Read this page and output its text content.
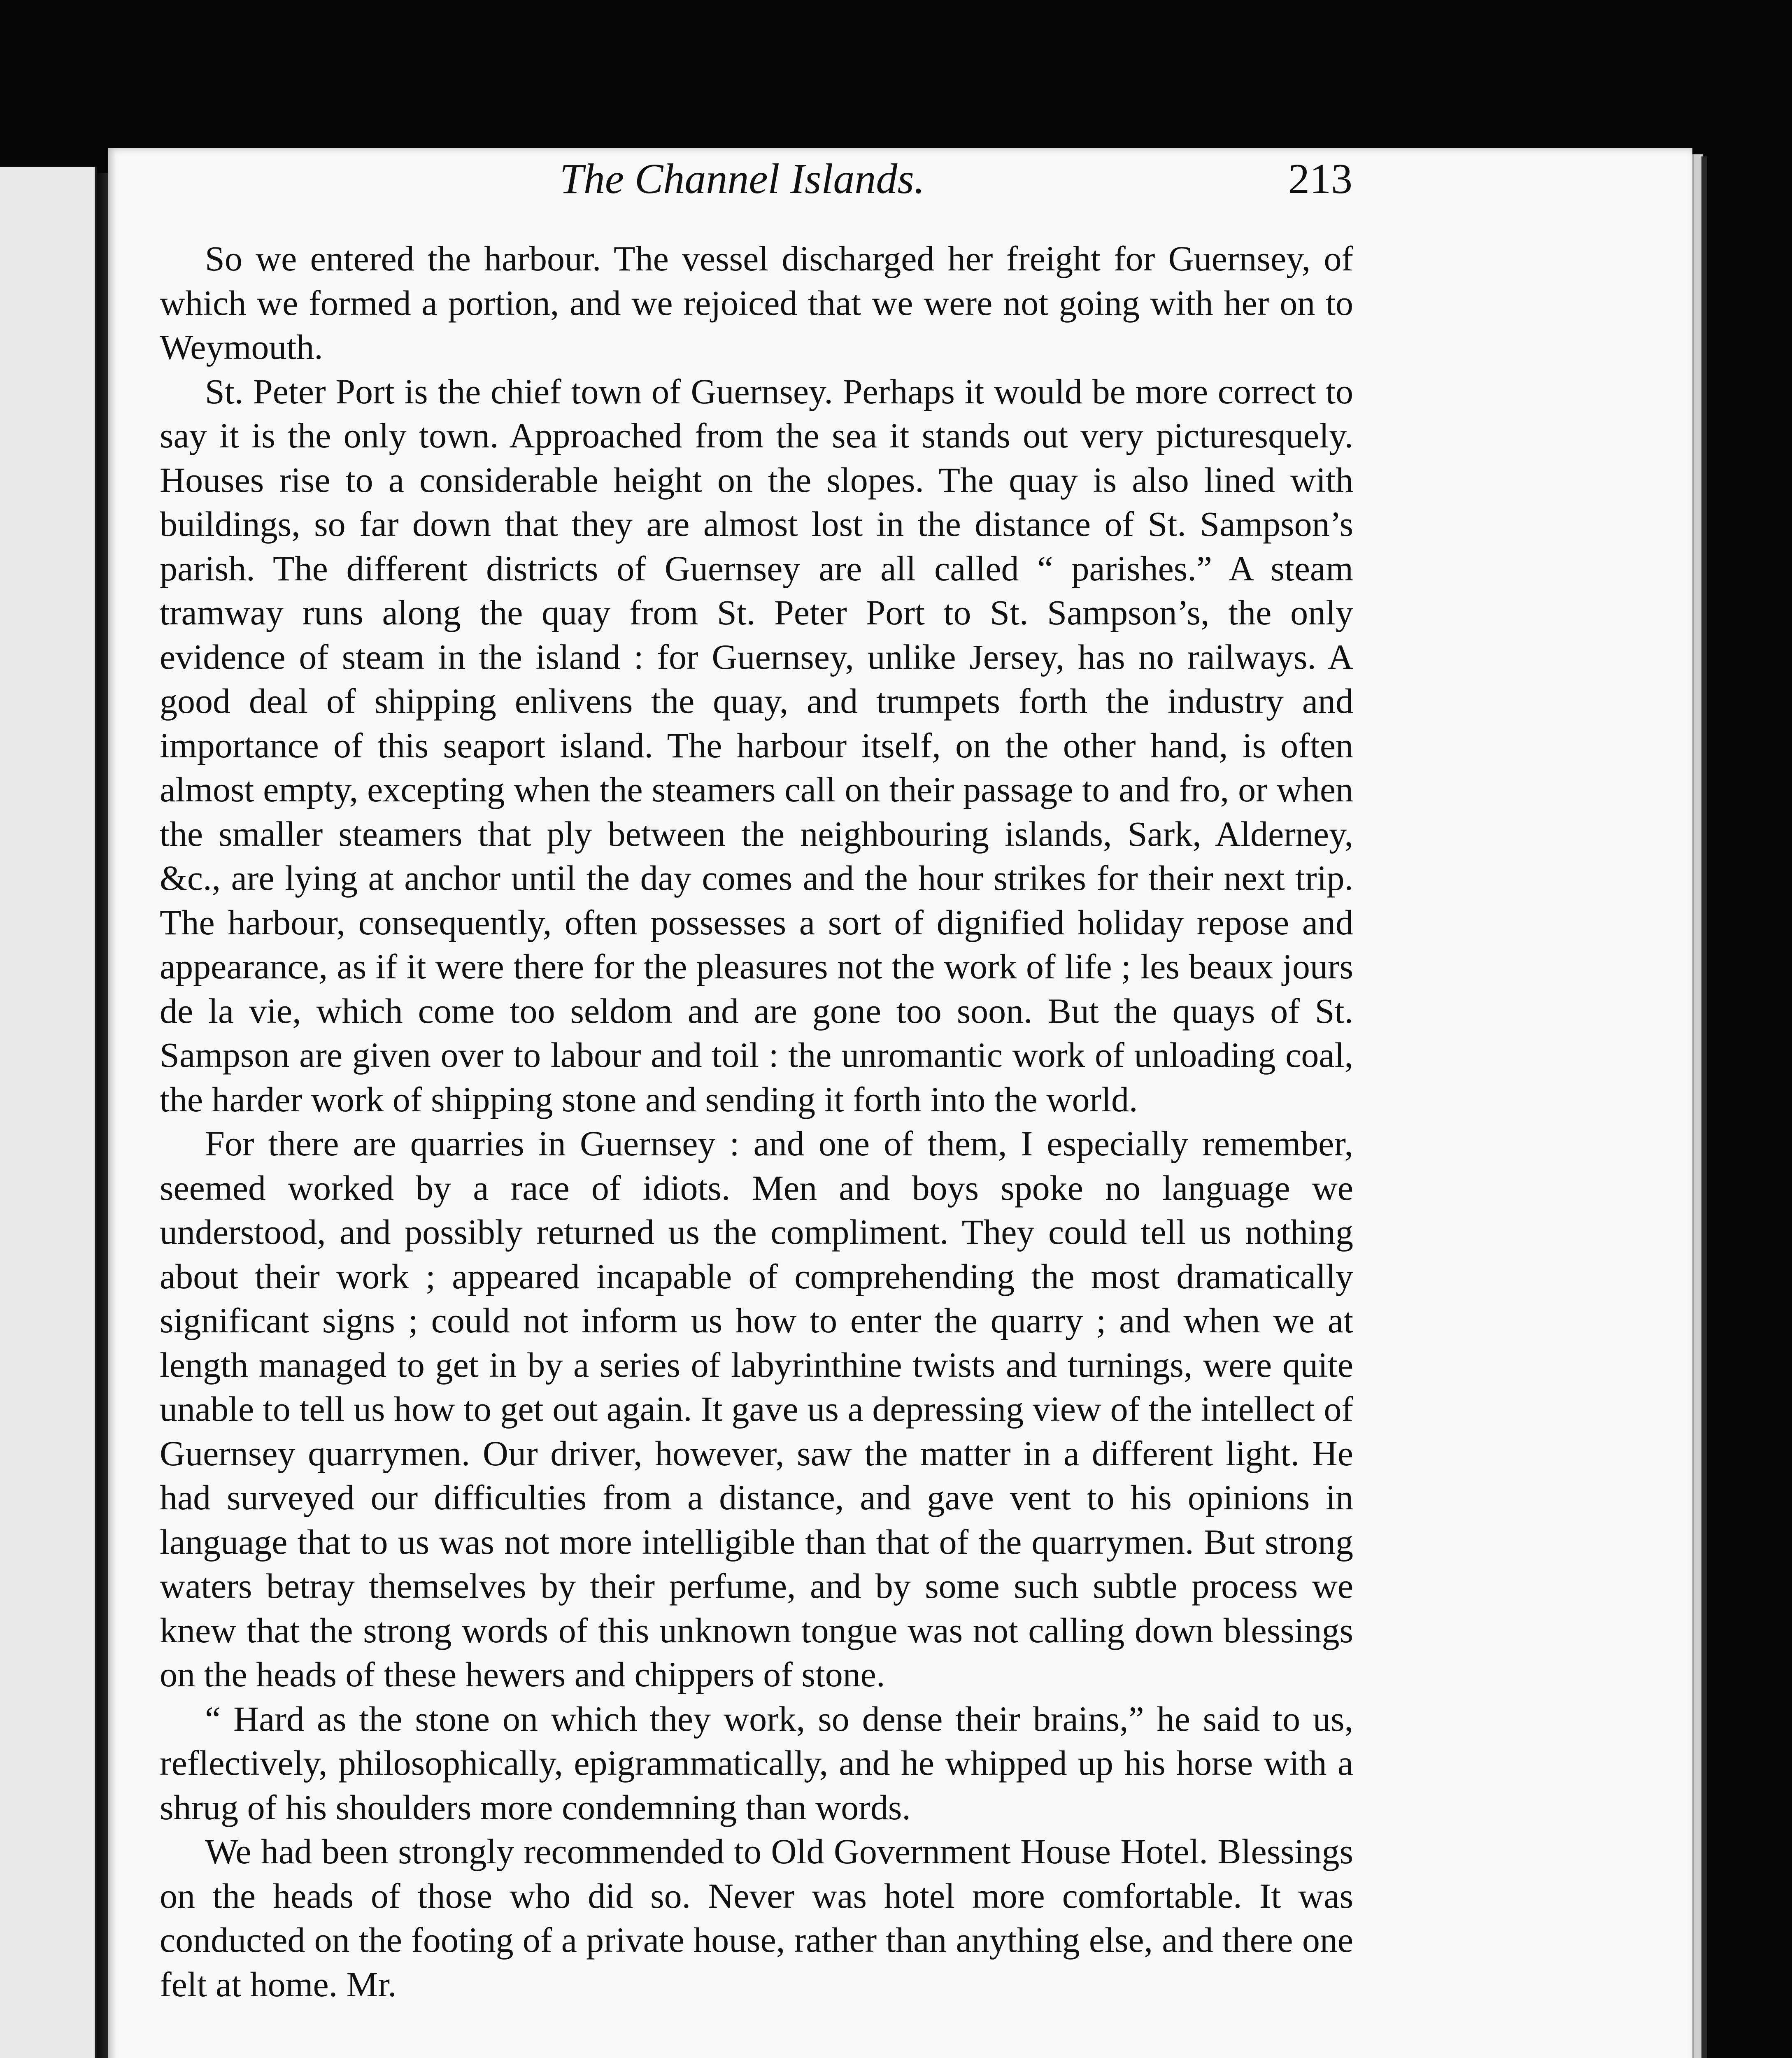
The Channel Islands.	213

So we entered the harbour. The vessel discharged her freight for Guernsey, of which we formed a portion, and we rejoiced that we were not going with her on to Weymouth.

St. Peter Port is the chief town of Guernsey. Perhaps it would be more correct to say it is the only town. Approached from the sea it stands out very picturesquely. Houses rise to a considerable height on the slopes. The quay is also lined with buildings, so far down that they are almost lost in the distance of St. Sampson’s parish. The different districts of Guernsey are all called “ parishes.” A steam tramway runs along the quay from St. Peter Port to St. Sampson’s, the only evidence of steam in the island : for Guernsey, unlike Jersey, has no railways. A good deal of shipping enlivens the quay, and trumpets forth the industry and importance of this seaport island. The harbour itself, on the other hand, is often almost empty, excepting when the steamers call on their passage to and fro, or when the smaller steamers that ply between the neighbouring islands, Sark, Alderney, &c., are lying at anchor until the day comes and the hour strikes for their next trip. The harbour, consequently, often possesses a sort of dignified holiday repose and appearance, as if it were there for the pleasures not the work of life ; les beaux jours de la vie, which come too seldom and are gone too soon. But the quays of St. Sampson are given over to labour and toil : the unromantic work of unloading coal, the harder work of shipping stone and sending it forth into the world.

For there are quarries in Guernsey : and one of them, I especially remember, seemed worked by a race of idiots. Men and boys spoke no language we understood, and possibly returned us the compliment. They could tell us nothing about their work ; appeared incapable of comprehending the most dramatically significant signs ; could not inform us how to enter the quarry ; and when we at length managed to get in by a series of labyrinthine twists and turnings, were quite unable to tell us how to get out again. It gave us a depressing view of the intellect of Guernsey quarrymen. Our driver, however, saw the matter in a different light. He had surveyed our difficulties from a distance, and gave vent to his opinions in language that to us was not more intelligible than that of the quarrymen. But strong waters betray themselves by their perfume, and by some such subtle process we knew that the strong words of this unknown tongue was not calling down blessings on the heads of these hewers and chippers of stone.

“ Hard as the stone on which they work, so dense their brains,” he said to us, reflectively, philosophically, epigrammatically, and he whipped up his horse with a shrug of his shoulders more condemning than words.

We had been strongly recommended to Old Government House Hotel. Blessings on the heads of those who did so. Never was hotel more comfortable. It was conducted on the footing of a private house, rather than anything else, and there one felt at home. Mr.
